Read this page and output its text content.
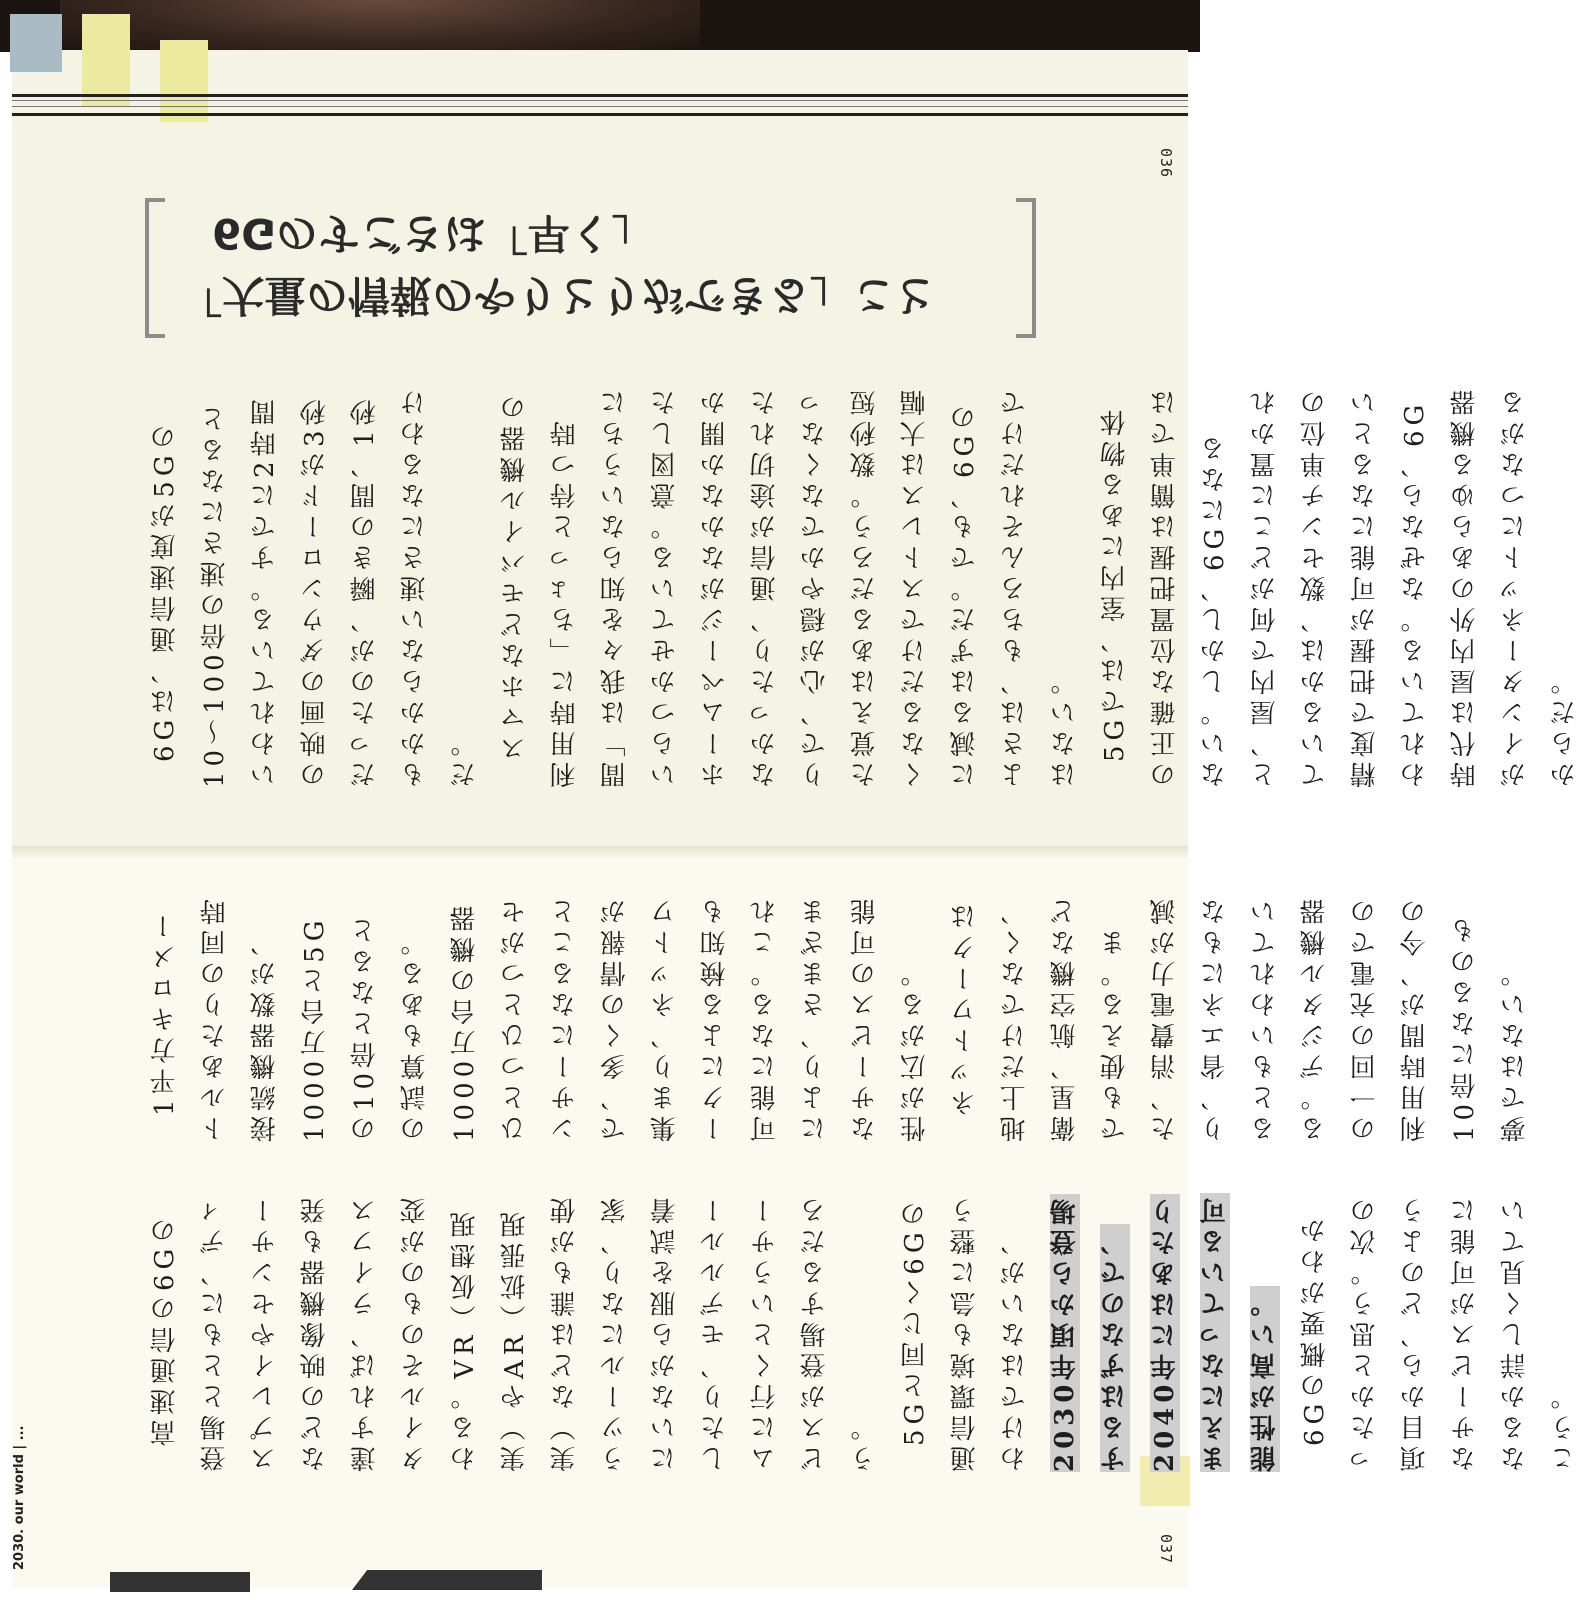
036
037
2030. our world | ...
6Gのすごさは「早く」
「大量の情報のやりとりができる」こと

6Gは、通信速度が5Gの10〜100倍の速さになるといわれている。すでに2時間の映画のダウンロードが3秒だったのが、瞬きの間、1秒もかからない速さになるわけだ。 スマホなどモバイル機器の利用時に「ちょっと待つ時間」は我々を知らないうちにいらつかせている。意図したホームページがなかなか開かなかったり、通信が途切れたりで、心が穏やかでなくなった覚えはあるだろう。数秒短くなるだけでストレスは大幅に減るはずだ。でも、6Gのよさは、もちろんそれだけではない。 5Gでは、室内にある物体の正確な位置把握は簡単ではない。しかし、6Gになると、屋内で何がどこに置かれているかは、数センチ単位の精度で把握が可能になるといわれている。なぜなら、6G時代は屋内外のあらゆる機器がインターネットにつながるからだ。

1平方キロメートルあたりの同時接続機器数が、1000万台と5Gの10倍となるとの試算もある。1000万台の機器ひとつひとつがセンサーになることで、多くの情報が集まり、ネットワークによる検知も可能になる。これにより、さまざまなサービスの可能性が広がる。 ネットワークは地上だけでなく、衛星、航空機などでも使える。また、消費電力が減り、省エネにもなるともいわれている。デジタル機器の一回の充電での利用時間が、今の10倍になるのも夢ではない。

高速通信の6Gの登場とともに、ディスプレイやセンサーなどの映像機器も発達すれば、ライフスタイルそのものが変わる。VR（仮想現実）やAR（拡張現実）などは誰もが使うツールになり、家にいながら服を試着したり、モデルルームに行くというサービスが登場するだろう。 5Gと同じく6Gの通信環境も急に整うわけではないが、 2030年頃から登場するはずなので、2040年にはあたりまえになっている可能性が高い。 6Gの概要がわかったかと思う。次の項目から、どのようなサービスが可能になるか詳しく見ていこう。
